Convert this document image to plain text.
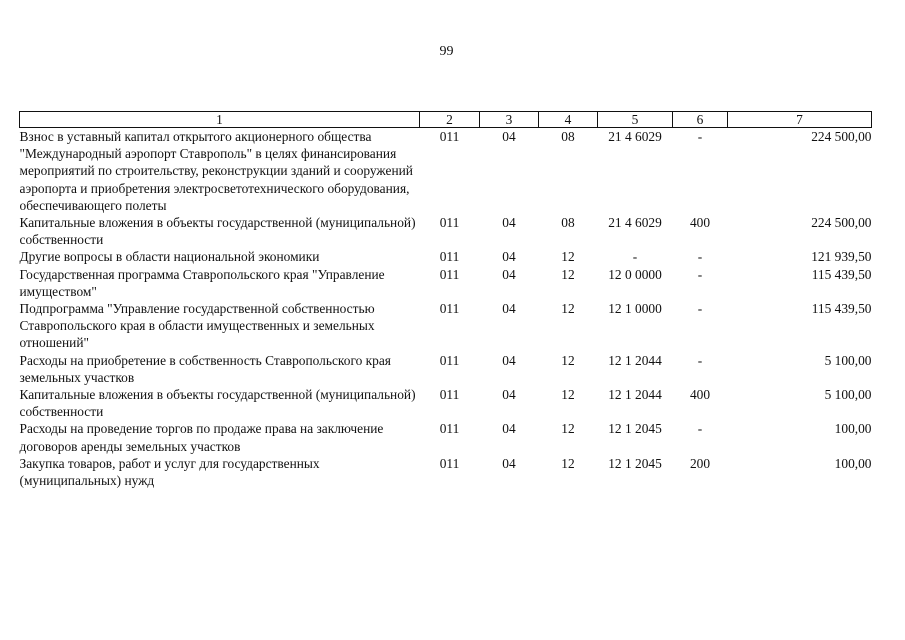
99
1	2	3	4	5	6	7
Взнос в уставный капитал открытого акционерного общества "Международный аэропорт Ставрополь" в целях финансирования мероприятий по строительству, реконструкции зданий и сооружений аэропорта и приобретения электросветотехнического оборудования, обеспечивающего полеты	011	04	08	21 4 6029	-	224 500,00
Капитальные вложения в объекты государственной (муниципальной) собственности	011	04	08	21 4 6029	400	224 500,00
Другие вопросы в области национальной экономики	011	04	12	-	-	121 939,50
Государственная программа Ставропольского края "Управление имуществом"	011	04	12	12 0 0000	-	115 439,50
Подпрограмма "Управление государственной собственностью Ставропольского края в области имущественных и земельных отношений"	011	04	12	12 1 0000	-	115 439,50
Расходы на приобретение в собственность Ставропольского края земельных участков	011	04	12	12 1 2044	-	5 100,00
Капитальные вложения в объекты государственной (муниципальной) собственности	011	04	12	12 1 2044	400	5 100,00
Расходы на проведение торгов по продаже права на заключение договоров аренды земельных участков	011	04	12	12 1 2045	-	100,00
Закупка товаров, работ и услуг для государственных (муниципальных) нужд	011	04	12	12 1 2045	200	100,00
